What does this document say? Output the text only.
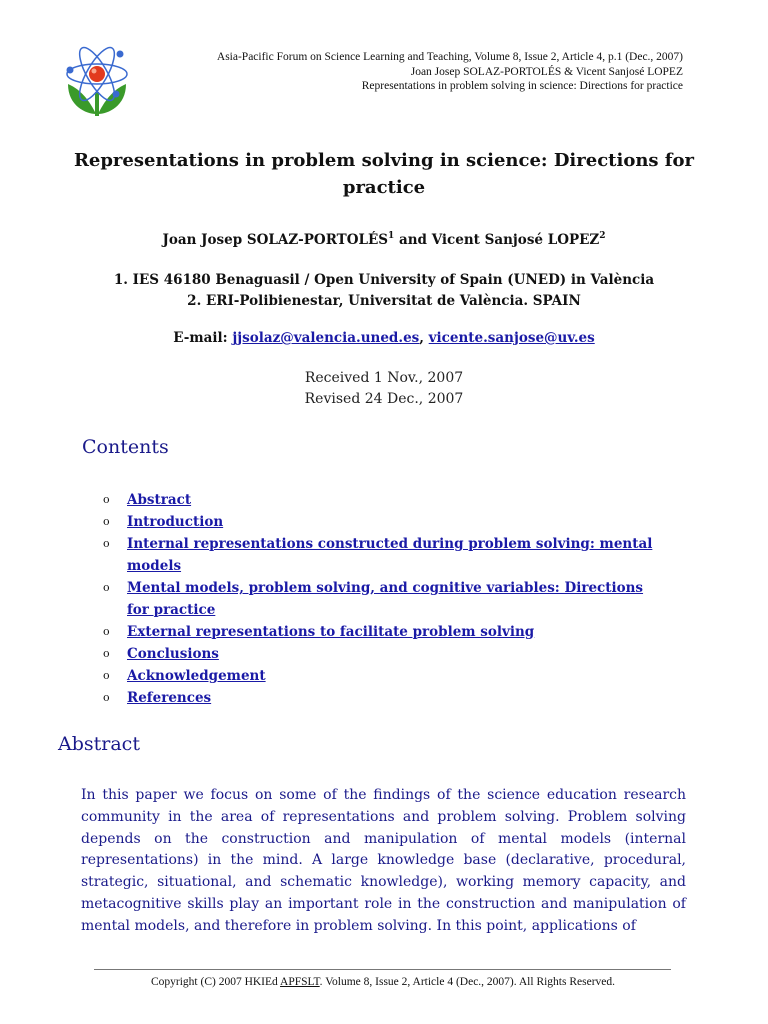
Asia-Pacific Forum on Science Learning and Teaching, Volume 8, Issue 2, Article 4, p.1 (Dec., 2007)
Joan Josep SOLAZ-PORTOLÉS & Vicent Sanjosé LOPEZ
Representations in problem solving in science: Directions for practice
Representations in problem solving in science: Directions for practice
Joan Josep SOLAZ-PORTOLÉS$^1$ and Vicent Sanjosé LOPEZ$^2$
1. IES 46180 Benaguasil / Open University of Spain (UNED) in València
2. ERI-Polibienestar, Universitat de València. SPAIN
E-mail: jjsolaz@valencia.uned.es, vicente.sanjose@uv.es
Received 1 Nov., 2007
Revised 24 Dec., 2007
Contents
o Abstract
o Introduction
o Internal representations constructed during problem solving: mental models
o Mental models, problem solving, and cognitive variables: Directions for practice
o External representations to facilitate problem solving
o Conclusions
o Acknowledgement
o References
Abstract
In this paper we focus on some of the findings of the science education research community in the area of representations and problem solving. Problem solving depends on the construction and manipulation of mental models (internal representations) in the mind. A large knowledge base (declarative, procedural, strategic, situational, and schematic knowledge), working memory capacity, and metacognitive skills play an important role in the construction and manipulation of mental models, and therefore in problem solving. In this point, applications of
Copyright (C) 2007 HKIEd APFSLT. Volume 8, Issue 2, Article 4 (Dec., 2007). All Rights Reserved.
